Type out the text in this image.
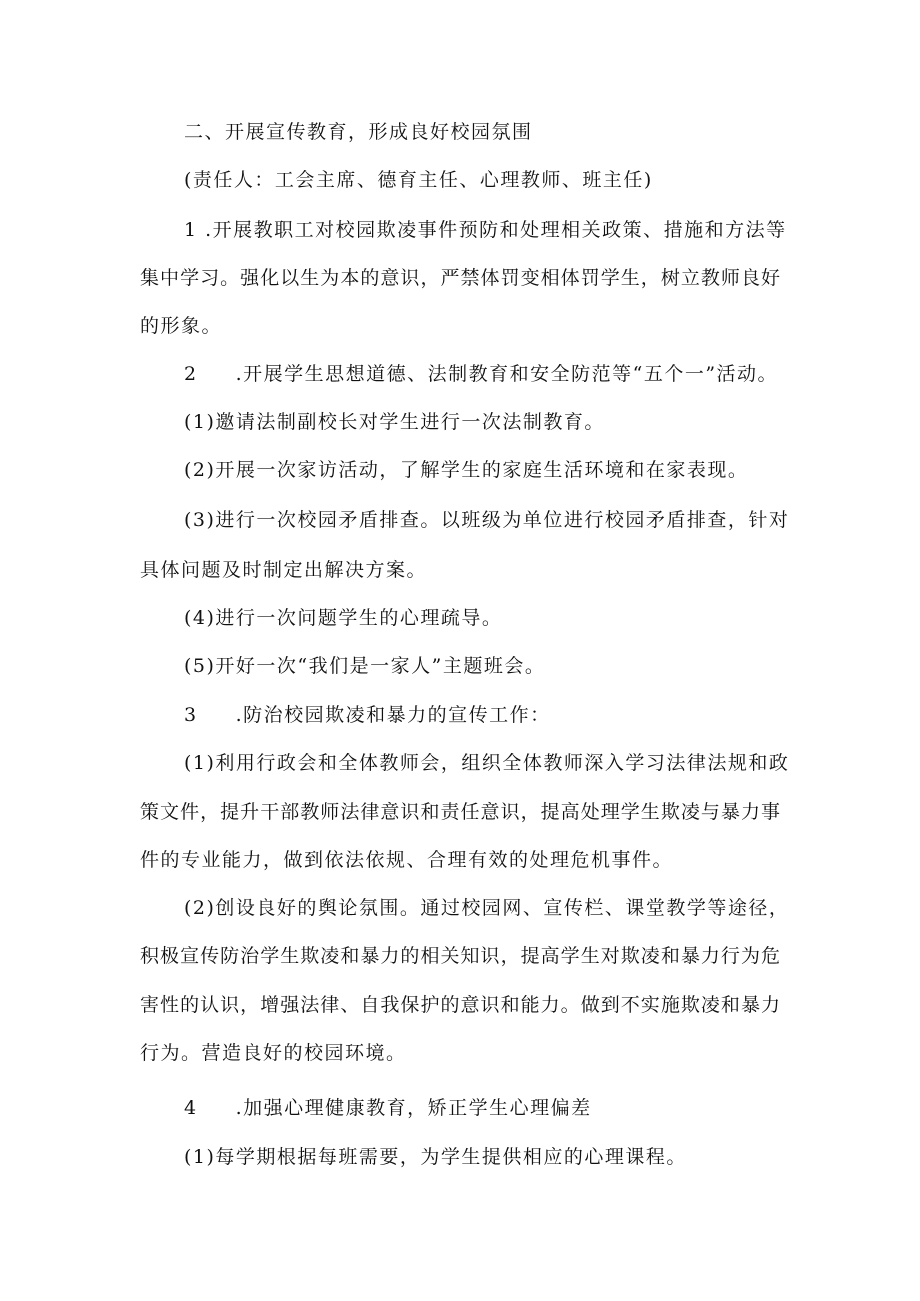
二、开展宣传教育，形成良好校园氛围
(责任人：工会主席、德育主任、心理教师、班主任)
1 .开展教职工对校园欺凌事件预防和处理相关政策、措施和方法等
集中学习。强化以生为本的意识，严禁体罚变相体罚学生，树立教师良好
的形象。
2 .开展学生思想道德、法制教育和安全防范等“五个一”活动。
(1)邀请法制副校长对学生进行一次法制教育。
(2)开展一次家访活动，了解学生的家庭生活环境和在家表现。
(3)进行一次校园矛盾排查。以班级为单位进行校园矛盾排查，针对
具体问题及时制定出解决方案。
(4)进行一次问题学生的心理疏导。
(5)开好一次“我们是一家人”主题班会。
3 .防治校园欺凌和暴力的宣传工作：
(1)利用行政会和全体教师会，组织全体教师深入学习法律法规和政
策文件，提升干部教师法律意识和责任意识，提高处理学生欺凌与暴力事
件的专业能力，做到依法依规、合理有效的处理危机事件。
(2)创设良好的舆论氛围。通过校园网、宣传栏、课堂教学等途径，
积极宣传防治学生欺凌和暴力的相关知识，提高学生对欺凌和暴力行为危
害性的认识，增强法律、自我保护的意识和能力。做到不实施欺凌和暴力
行为。营造良好的校园环境。
4 .加强心理健康教育，矫正学生心理偏差
(1)每学期根据每班需要，为学生提供相应的心理课程。
